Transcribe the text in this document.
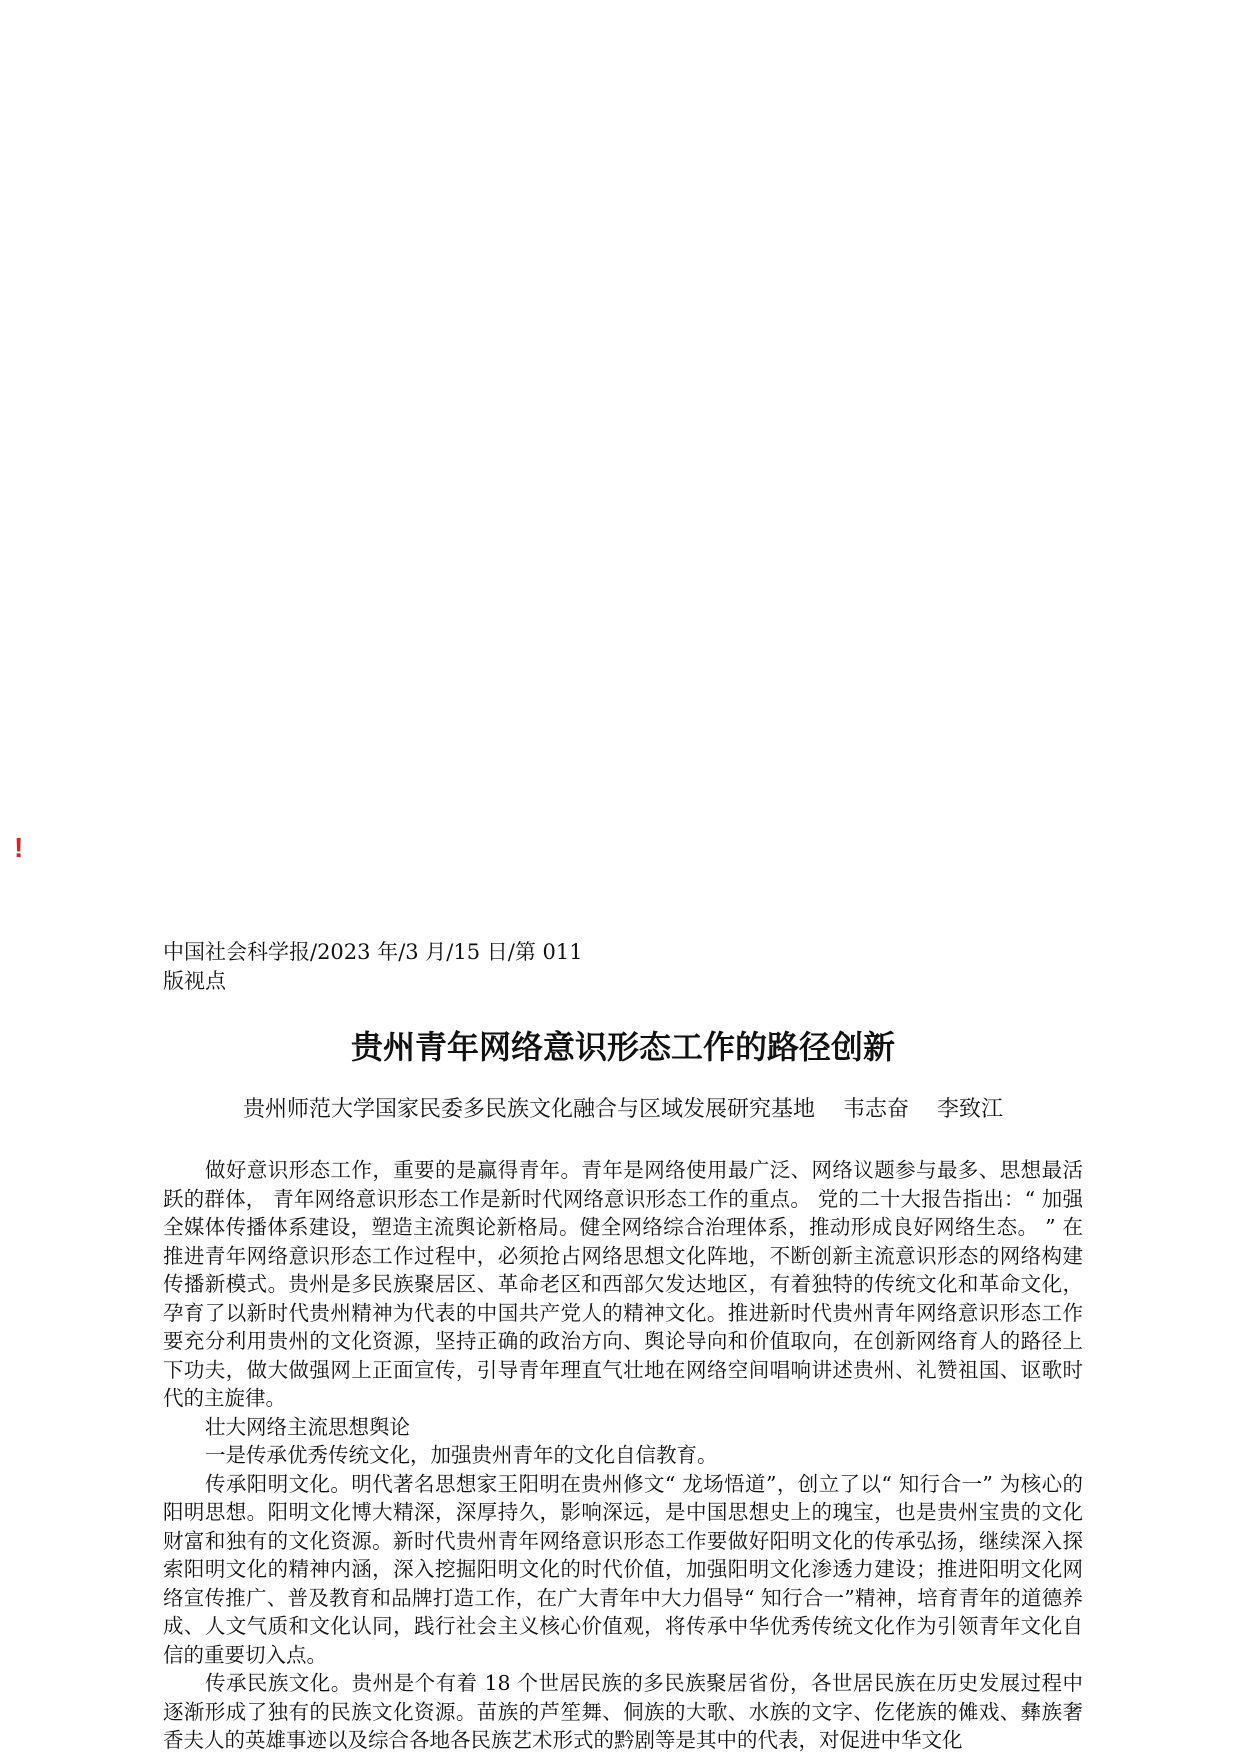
!
中国社会科学报/2023 年/3 月/15 日/第 011
版视点
贵州青年网络意识形态工作的路径创新
贵州师范大学国家民委多民族文化融合与区域发展研究基地 韦志奋 李致江

做好意识形态工作，重要的是赢得青年。青年是网络使用最广泛、网络议题参与最多、思想最活跃的群体， 青年网络意识形态工作是新时代网络意识形态工作的重点。 党的二十大报告指出：“ 加强全媒体传播体系建设，塑造主流舆论新格局。健全网络综合治理体系，推动形成良好网络生态。 ” 在推进青年网络意识形态工作过程中，必须抢占网络思想文化阵地，不断创新主流意识形态的网络构建传播新模式。贵州是多民族聚居区、革命老区和西部欠发达地区，有着独特的传统文化和革命文化，孕育了以新时代贵州精神为代表的中国共产党人的精神文化。推进新时代贵州青年网络意识形态工作要充分利用贵州的文化资源，坚持正确的政治方向、舆论导向和价值取向，在创新网络育人的路径上下功夫，做大做强网上正面宣传，引导青年理直气壮地在网络空间唱响讲述贵州、礼赞祖国、讴歌时代的主旋律。

壮大网络主流思想舆论

一是传承优秀传统文化，加强贵州青年的文化自信教育。

传承阳明文化。明代著名思想家王阳明在贵州修文“ 龙场悟道”，创立了以“ 知行合一” 为核心的阳明思想。阳明文化博大精深，深厚持久，影响深远，是中国思想史上的瑰宝，也是贵州宝贵的文化财富和独有的文化资源。新时代贵州青年网络意识形态工作要做好阳明文化的传承弘扬，继续深入探索阳明文化的精神内涵，深入挖掘阳明文化的时代价值，加强阳明文化渗透力建设；推进阳明文化网络宣传推广、普及教育和品牌打造工作，在广大青年中大力倡导“ 知行合一”精神，培育青年的道德养成、人文气质和文化认同，践行社会主义核心价值观，将传承中华优秀传统文化作为引领青年文化自信的重要切入点。

传承民族文化。贵州是个有着 18 个世居民族的多民族聚居省份，各世居民族在历史发展过程中逐渐形成了独有的民族文化资源。苗族的芦笙舞、侗族的大歌、水族的文字、仡佬族的傩戏、彝族奢香夫人的英雄事迹以及综合各地各民族艺术形式的黔剧等是其中的代表，对促进中华文化
